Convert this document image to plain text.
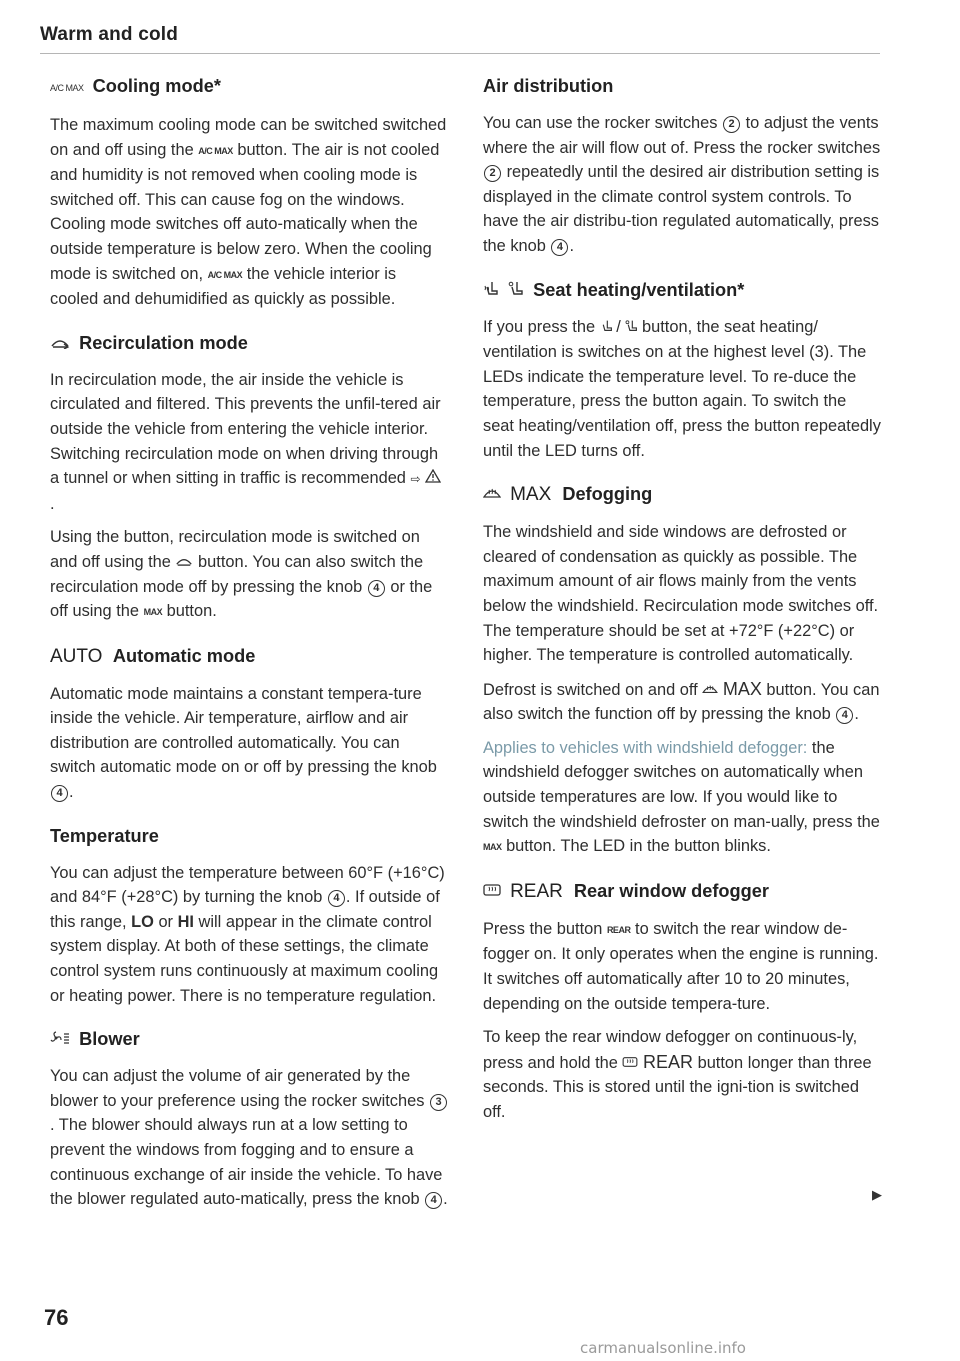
Warm and cold
A/C MAX Cooling mode*

The maximum cooling mode can be switched switched on and off using the A/C MAX button. The air is not cooled and humidity is not removed when cooling mode is switched off. This can cause fog on the windows. Cooling mode switches off auto-matically when the outside temperature is below zero. When the cooling mode is switched on, A/C MAX the vehicle interior is cooled and dehumidified as quickly as possible.

Recirculation mode

In recirculation mode, the air inside the vehicle is circulated and filtered. This prevents the unfil-tered air outside the vehicle from entering the vehicle interior. Switching recirculation mode on when driving through a tunnel or when sitting in traffic is recommended ⇨  .

Using the button, recirculation mode is switched on and off using the button. You can also switch the recirculation mode off by pressing the knob 4 or the off using the MAX button.

AUTO Automatic mode

Automatic mode maintains a constant tempera-ture inside the vehicle. Air temperature, airflow and air distribution are controlled automatically. You can switch automatic mode on or off by pressing the knob 4 .

Temperature

You can adjust the temperature between 60°F (+16°C) and 84°F (+28°C) by turning the knob 4 . If outside of this range, LO or HI will appear in the climate control system display. At both of these settings, the climate control system runs continuously at maximum cooling or heating power. There is no temperature regulation.

Blower

You can adjust the volume of air generated by the blower to your preference using the rocker switches 3. The blower should always run at a low setting to prevent the windows from fogging and to ensure a continuous exchange of air inside the vehicle. To have the blower regulated auto-matically, press the knob 4 .

Air distribution

You can use the rocker switches 2 to adjust the vents where the air will flow out of. Press the rocker switches 2 repeatedly until the desired air distribution setting is displayed in the climate control system controls. To have the air distribu-tion regulated automatically, press the knob 4 .

Seat heating/ventilation*

If you press the / button, the seat heating/ ventilation is switches on at the highest level (3). The LEDs indicate the temperature level. To re-duce the temperature, press the button again. To switch the seat heating/ventilation off, press the button repeatedly until the LED turns off.

MAX Defogging

The windshield and side windows are defrosted or cleared of condensation as quickly as possible. The maximum amount of air flows mainly from the vents below the windshield. Recirculation mode switches off. The temperature should be set at +72°F (+22°C) or higher. The temperature is controlled automatically.

Defrost is switched on and off MAX button. You can also switch the function off by pressing the knob 4 .

Applies to vehicles with windshield defogger: the windshield defogger switches on automatically when outside temperatures are low. If you would like to switch the windshield defroster on man-ually, press the MAX button. The LED in the button blinks.

REAR Rear window defogger

Press the button REAR to switch the rear window de-fogger on. It only operates when the engine is running. It switches off automatically after 10 to 20 minutes, depending on the outside tempera-ture.

To keep the rear window defogger on continuous-ly, press and hold the REAR button longer than three seconds. This is stored until the igni-tion is switched off.

▶
76
carmanualsonline.info
